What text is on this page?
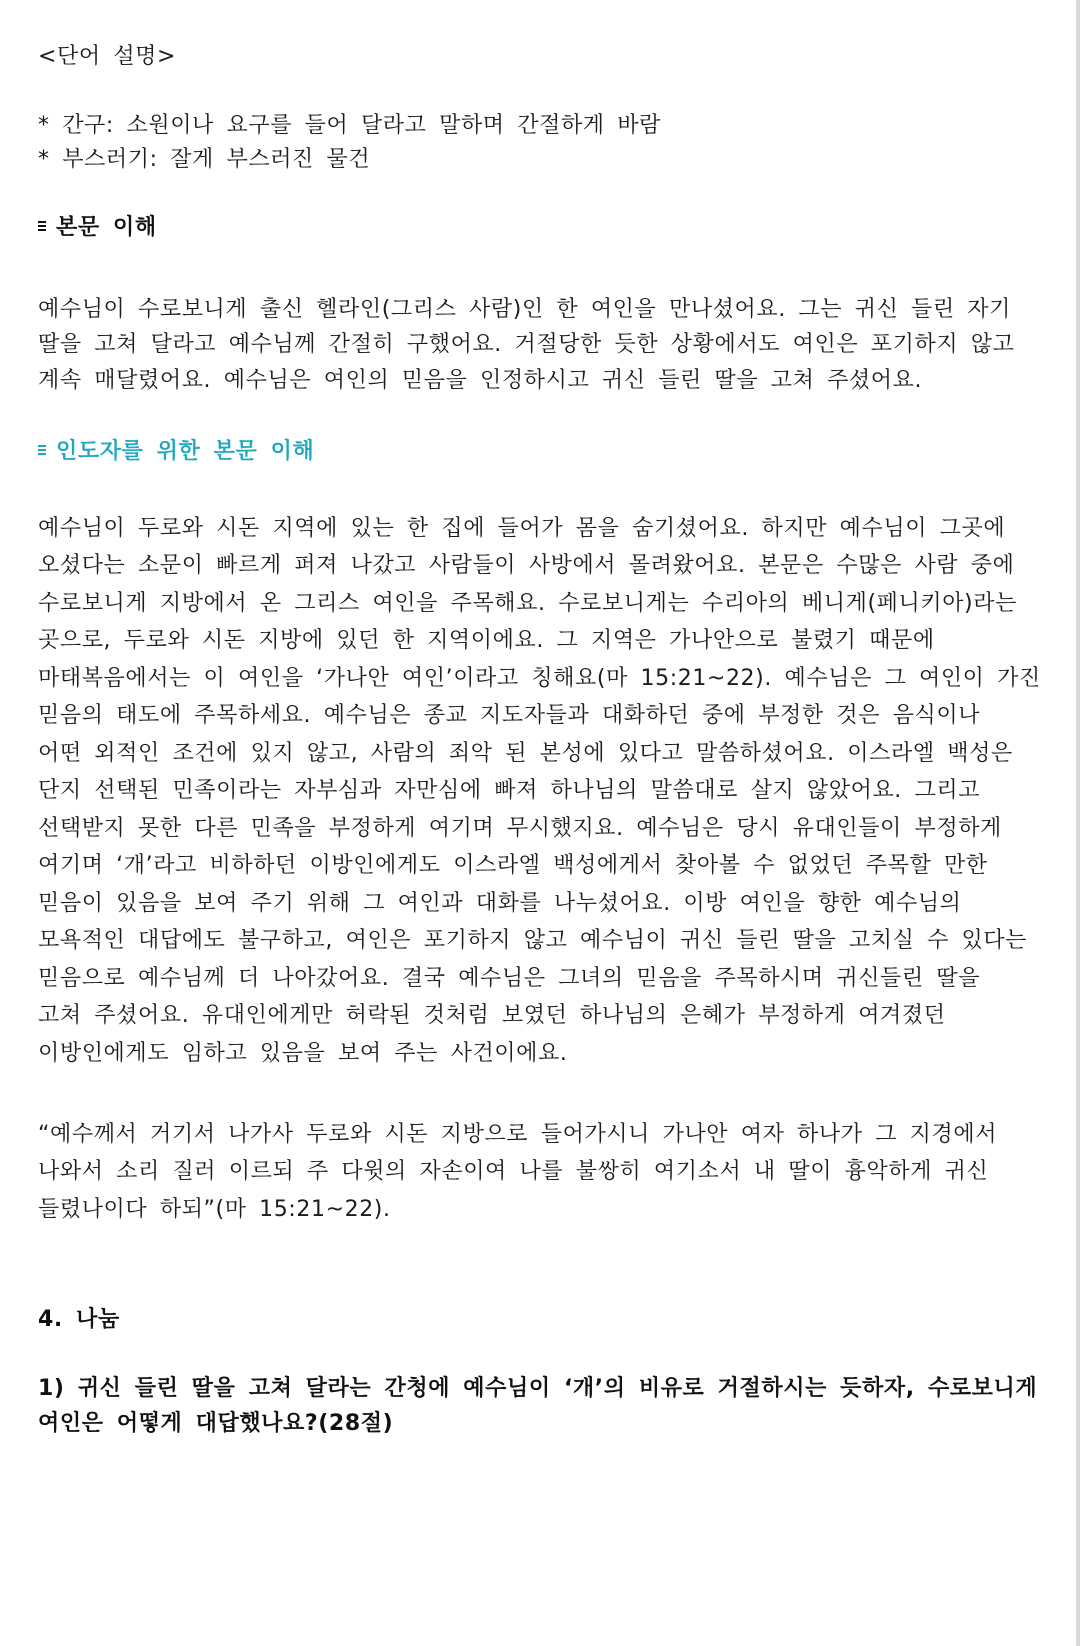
<단어 설명>
* 간구: 소원이나 요구를 들어 달라고 말하며 간절하게 바람
* 부스러기: 잘게 부스러진 물건
본문 이해
예수님이 수로보니게 출신 헬라인(그리스 사람)인 한 여인을 만나셨어요. 그는 귀신 들린 자기
딸을 고쳐 달라고 예수님께 간절히 구했어요. 거절당한 듯한 상황에서도 여인은 포기하지 않고
계속 매달렸어요. 예수님은 여인의 믿음을 인정하시고 귀신 들린 딸을 고쳐 주셨어요.
인도자를 위한 본문 이해
예수님이 두로와 시돈 지역에 있는 한 집에 들어가 몸을 숨기셨어요. 하지만 예수님이 그곳에
오셨다는 소문이 빠르게 퍼져 나갔고 사람들이 사방에서 몰려왔어요. 본문은 수많은 사람 중에
수로보니게 지방에서 온 그리스 여인을 주목해요. 수로보니게는 수리아의 베니게(페니키아)라는
곳으로, 두로와 시돈 지방에 있던 한 지역이에요. 그 지역은 가나안으로 불렸기 때문에
마태복음에서는 이 여인을 ‘가나안 여인’이라고 칭해요(마 15:21~22). 예수님은 그 여인이 가진
믿음의 태도에 주목하세요. 예수님은 종교 지도자들과 대화하던 중에 부정한 것은 음식이나
어떤 외적인 조건에 있지 않고, 사람의 죄악 된 본성에 있다고 말씀하셨어요. 이스라엘 백성은
단지 선택된 민족이라는 자부심과 자만심에 빠져 하나님의 말씀대로 살지 않았어요. 그리고
선택받지 못한 다른 민족을 부정하게 여기며 무시했지요. 예수님은 당시 유대인들이 부정하게
여기며 ‘개’라고 비하하던 이방인에게도 이스라엘 백성에게서 찾아볼 수 없었던 주목할 만한
믿음이 있음을 보여 주기 위해 그 여인과 대화를 나누셨어요. 이방 여인을 향한 예수님의
모욕적인 대답에도 불구하고, 여인은 포기하지 않고 예수님이 귀신 들린 딸을 고치실 수 있다는
믿음으로 예수님께 더 나아갔어요. 결국 예수님은 그녀의 믿음을 주목하시며 귀신들린 딸을
고쳐 주셨어요. 유대인에게만 허락된 것처럼 보였던 하나님의 은혜가 부정하게 여겨졌던
이방인에게도 임하고 있음을 보여 주는 사건이에요.
“예수께서 거기서 나가사 두로와 시돈 지방으로 들어가시니 가나안 여자 하나가 그 지경에서
나와서 소리 질러 이르되 주 다윗의 자손이여 나를 불쌍히 여기소서 내 딸이 흉악하게 귀신
들렸나이다 하되”(마 15:21~22).
4. 나눔
1) 귀신 들린 딸을 고쳐 달라는 간청에 예수님이 ‘개’의 비유로 거절하시는 듯하자, 수로보니게
여인은 어떻게 대답했나요?(28절)
